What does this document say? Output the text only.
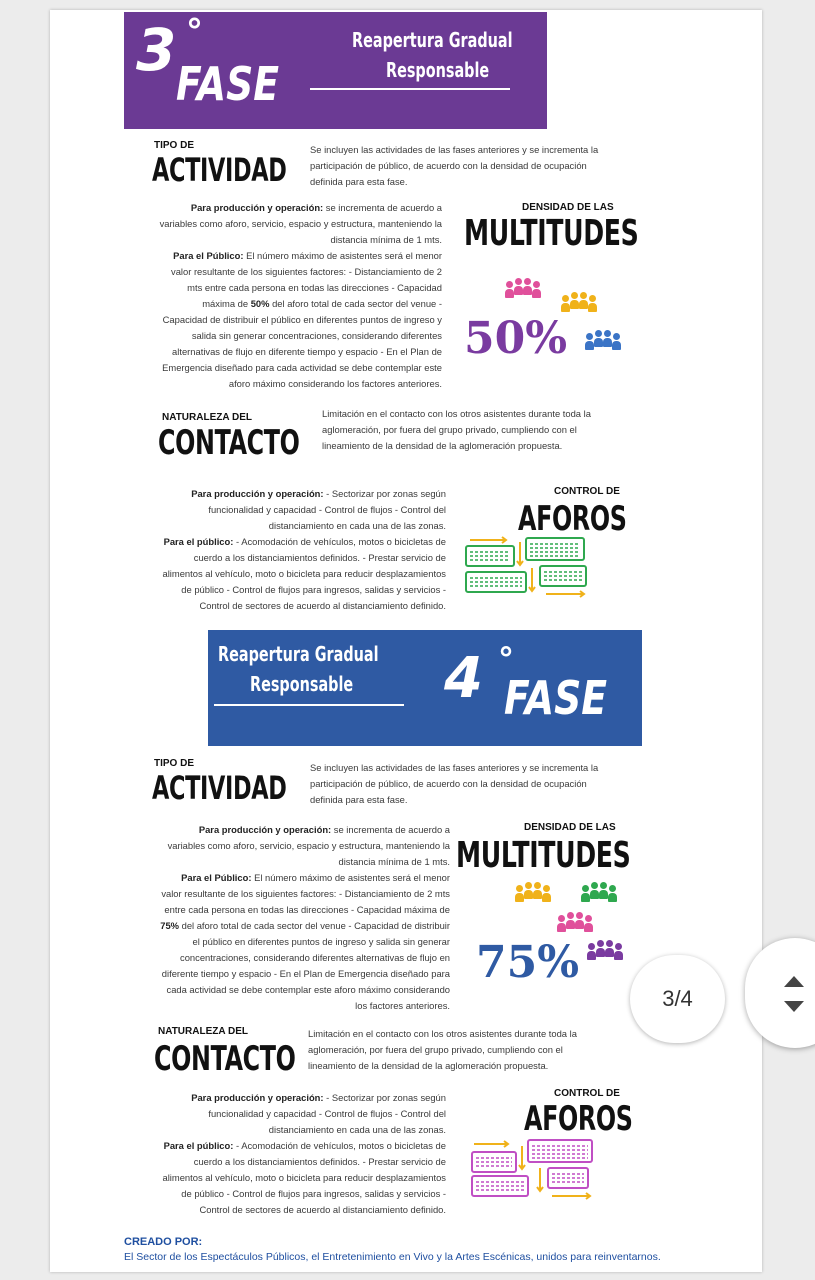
3 °
FASE
Reapertura Gradual
Responsable
TIPO DE
ACTIVIDAD
Se incluyen las actividades de las fases anteriores y se incrementa la participación de público, de acuerdo con la densidad de ocupación definida para esta fase.
Para producción y operación: se incrementa de acuerdo a variables como aforo, servicio, espacio y estructura, manteniendo la distancia mínima de 1 mts.
Para el Público: El número máximo de asistentes será el menor valor resultante de los siguientes factores: - Distanciamiento de 2 mts entre cada persona en todas las direcciones - Capacidad máxima de 50% del aforo total de cada sector del venue - Capacidad de distribuir el público en diferentes puntos de ingreso y salida sin generar concentraciones, considerando diferentes alternativas de flujo en diferente tiempo y espacio - En el Plan de Emergencia diseñado para cada actividad se debe contemplar este aforo máximo considerando los factores anteriores.
DENSIDAD DE LAS
MULTITUDES
50%
NATURALEZA DEL
CONTACTO
Limitación en el contacto con los otros asistentes durante toda la aglomeración, por fuera del grupo privado, cumpliendo con el lineamiento de la densidad de la aglomeración propuesta.
Para producción y operación: - Sectorizar por zonas según funcionalidad y capacidad - Control de flujos - Control del distanciamiento en cada una de las zonas.
Para el público: - Acomodación de vehículos, motos o bicicletas de cuerdo a los distanciamientos definidos. - Prestar servicio de alimentos al vehículo, moto o bicicleta para reducir desplazamientos de público - Control de flujos para ingresos, salidas y servicios - Control de sectores de acuerdo al distanciamiento definido.
CONTROL DE
AFOROS
Reapertura Gradual
Responsable 4 °
FASE
TIPO DE
ACTIVIDAD
Se incluyen las actividades de las fases anteriores y se incrementa la participación de público, de acuerdo con la densidad de ocupación definida para esta fase.
Para producción y operación: se incrementa de acuerdo a variables como aforo, servicio, espacio y estructura, manteniendo la distancia mínima de 1 mts.
Para el Público: El número máximo de asistentes será el menor valor resultante de los siguientes factores: - Distanciamiento de 2 mts entre cada persona en todas las direcciones - Capacidad máxima de 75% del aforo total de cada sector del venue - Capacidad de distribuir el público en diferentes puntos de ingreso y salida sin generar concentraciones, considerando diferentes alternativas de flujo en diferente tiempo y espacio - En el Plan de Emergencia diseñado para cada actividad se debe contemplar este aforo máximo considerando los factores anteriores.
DENSIDAD DE LAS
MULTITUDES
75%
NATURALEZA DEL
CONTACTO
Limitación en el contacto con los otros asistentes durante toda la aglomeración, por fuera del grupo privado, cumpliendo con el lineamiento de la densidad de la aglomeración propuesta.
Para producción y operación: - Sectorizar por zonas según funcionalidad y capacidad - Control de flujos - Control del distanciamiento en cada una de las zonas.
Para el público: - Acomodación de vehículos, motos o bicicletas de cuerdo a los distanciamientos definidos. - Prestar servicio de alimentos al vehículo, moto o bicicleta para reducir desplazamientos de público - Control de flujos para ingresos, salidas y servicios - Control de sectores de acuerdo al distanciamiento definido.
CONTROL DE
AFOROS
CREADO POR:
El Sector de los Espectáculos Públicos, el Entretenimiento en Vivo y la Artes Escénicas, unidos para reinventarnos.
3/4
